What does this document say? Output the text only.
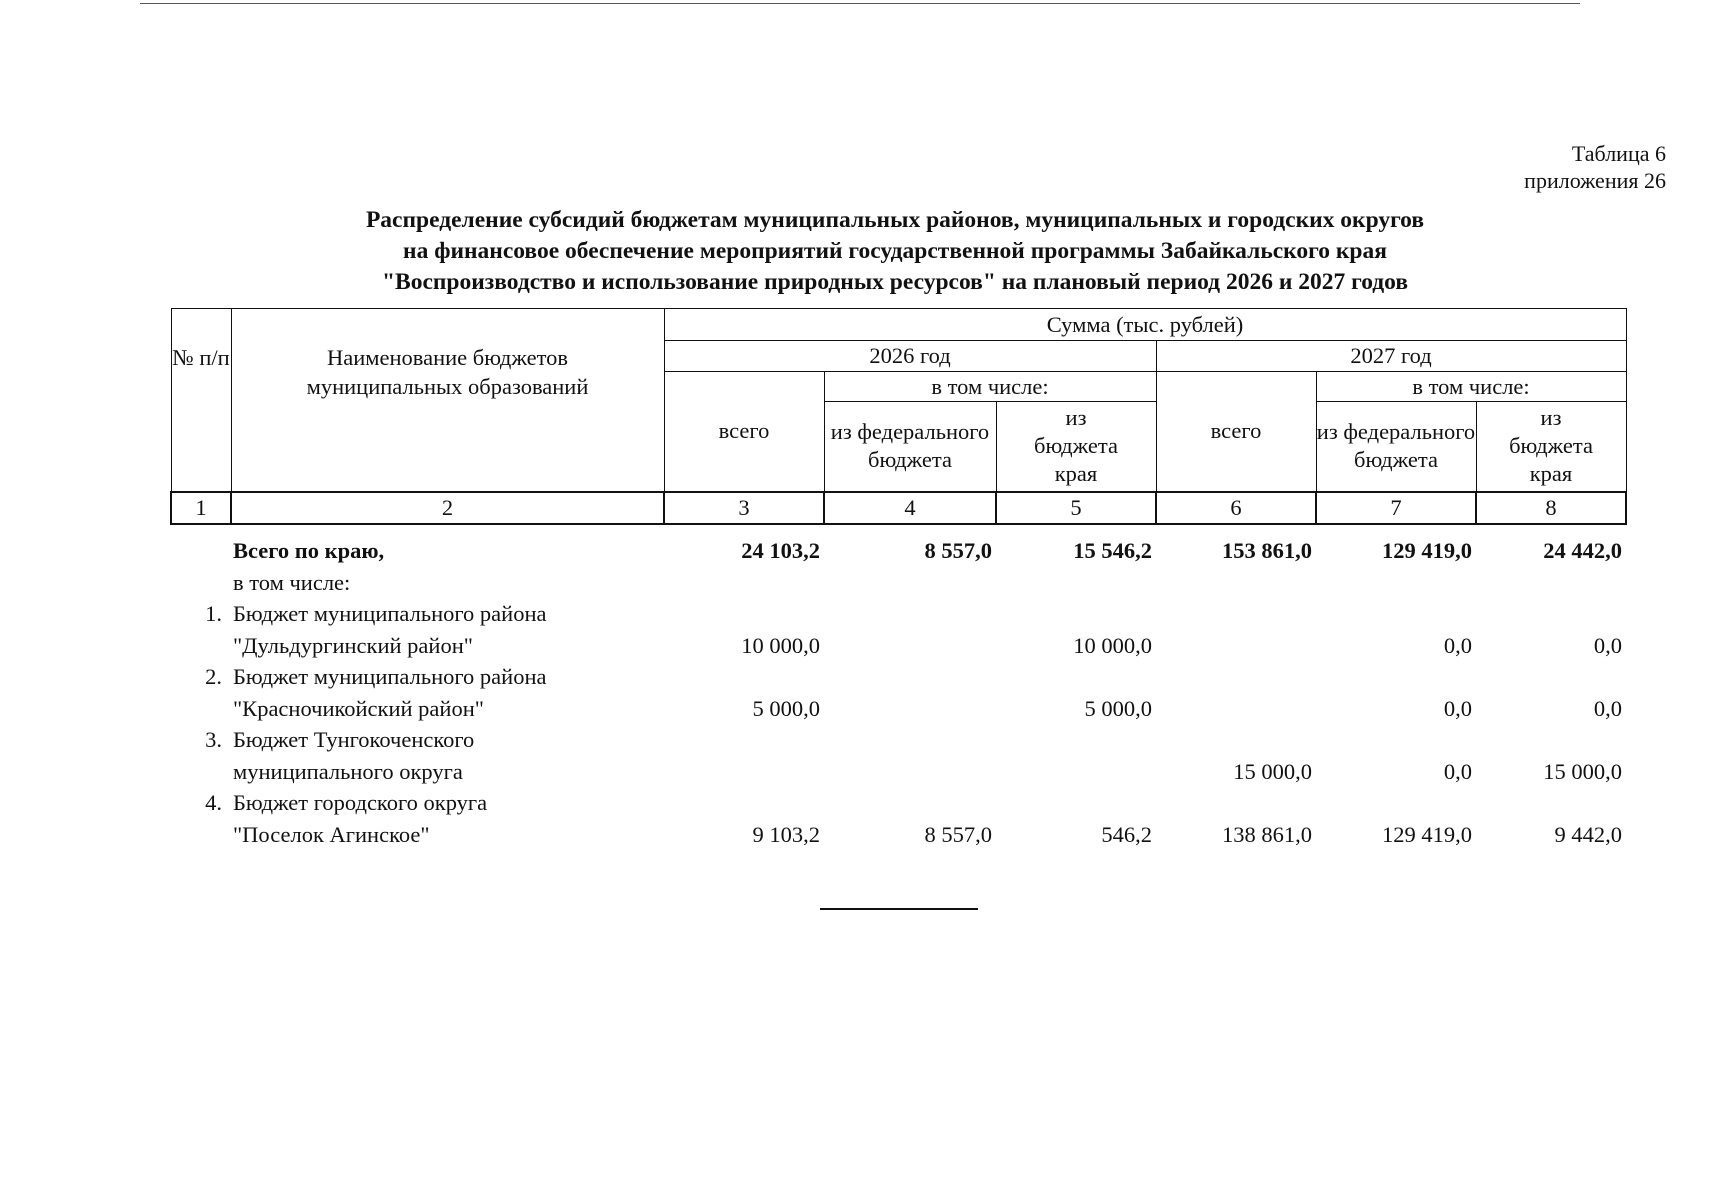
Таблица 6
приложения 26
Распределение субсидий бюджетам муниципальных районов, муниципальных и городских округов
на финансовое обеспечение мероприятий государственной программы Забайкальского края
"Воспроизводство и использование природных ресурсов" на плановый период 2026 и 2027 годов
№ п/п	Наименование бюджетов муниципальных образований	Сумма (тыс. рублей)					
		2026 год			2027 год		
		всего	в том числе:		всего	в том числе:	
			из федерального бюджета	из бюджета края		из федерального бюджета	из бюджета края
1	2	3	4	5	6	7	8
	Всего по краю,	24 103,2	8 557,0	15 546,2	153 861,0	129 419,0	24 442,0
	в том числе:						
1.	Бюджет муниципального района						
	"Дульдургинский район"	10 000,0		10 000,0		0,0	0,0
2.	Бюджет муниципального района						
	"Красночикойский район"	5 000,0		5 000,0		0,0	0,0
3.	Бюджет Тунгокоченского						
	муниципального округа				15 000,0	0,0	15 000,0
4.	Бюджет городского округа						
	"Поселок Агинское"	9 103,2	8 557,0	546,2	138 861,0	129 419,0	9 442,0
